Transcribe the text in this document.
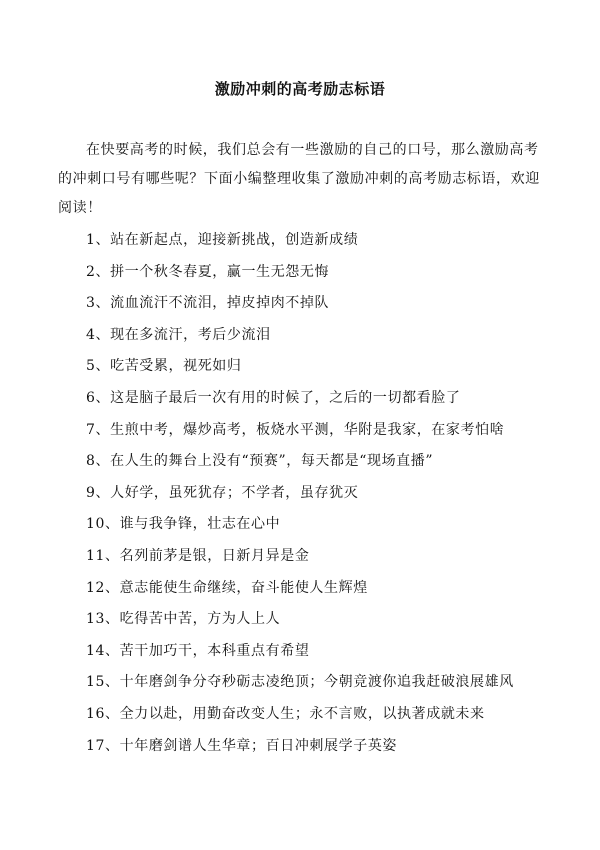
激励冲刺的高考励志标语

在快要高考的时候，我们总会有一些激励的自己的口号，那么激励高考的冲刺口号有哪些呢？下面小编整理收集了激励冲刺的高考励志标语，欢迎阅读！

1、站在新起点，迎接新挑战，创造新成绩
2、拼一个秋冬春夏，赢一生无怨无悔
3、流血流汗不流泪，掉皮掉肉不掉队
4、现在多流汗，考后少流泪
5、吃苦受累，视死如归
6、这是脑子最后一次有用的时候了，之后的一切都看脸了
7、生煎中考，爆炒高考，板烧水平测，华附是我家，在家考怕啥
8、在人生的舞台上没有“预赛”，每天都是“现场直播”
9、人好学，虽死犹存；不学者，虽存犹灭
10、谁与我争锋，壮志在心中
11、名列前茅是银，日新月异是金
12、意志能使生命继续，奋斗能使人生辉煌
13、吃得苦中苦，方为人上人
14、苦干加巧干，本科重点有希望
15、十年磨剑争分夺秒砺志凌绝顶；今朝竞渡你追我赶破浪展雄风
16、全力以赴，用勤奋改变人生；永不言败，以执著成就未来
17、十年磨剑谱人生华章；百日冲刺展学子英姿
